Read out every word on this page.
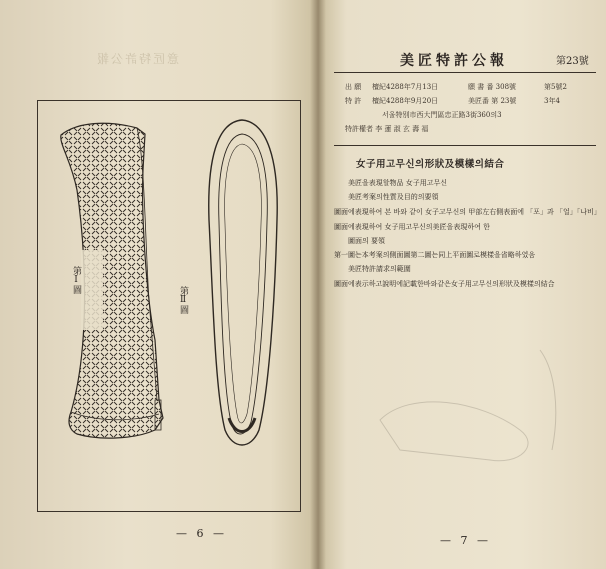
意匠特許公報
第Ⅰ圖
第Ⅱ圖
— 6 —
美匠特許公報	第23號
出 願 檀紀4288年7月13日	願 書 番 308號	第5號2
特 許 檀紀4288年9月20日	美匠番 第 23號	3年4
서울特別市西大門區忠正路3街360의3
特許權者 李 蓮 淑 玄 壽 福
女子用고무신의形狀及模樣의結合
美匠을表現할物品 女子用고무신
美匠考案의性質及目的의要領
圖面에表現하여 본 바와 같이 女子고무신의 甲部左右側表面에 「포」과 「얼」「나비」
圖面에表現하여 女子用고무신의美匠을表現하여 한
圖面의 要領
第一圖는本考案의側面圖第二圖는同上平面圖로模樣을省略하였음
美匠特許請求의範圍
圖面에表示하고說明에記載한바와같은女子用고무신의形狀及模樣의結合
— 7 —
